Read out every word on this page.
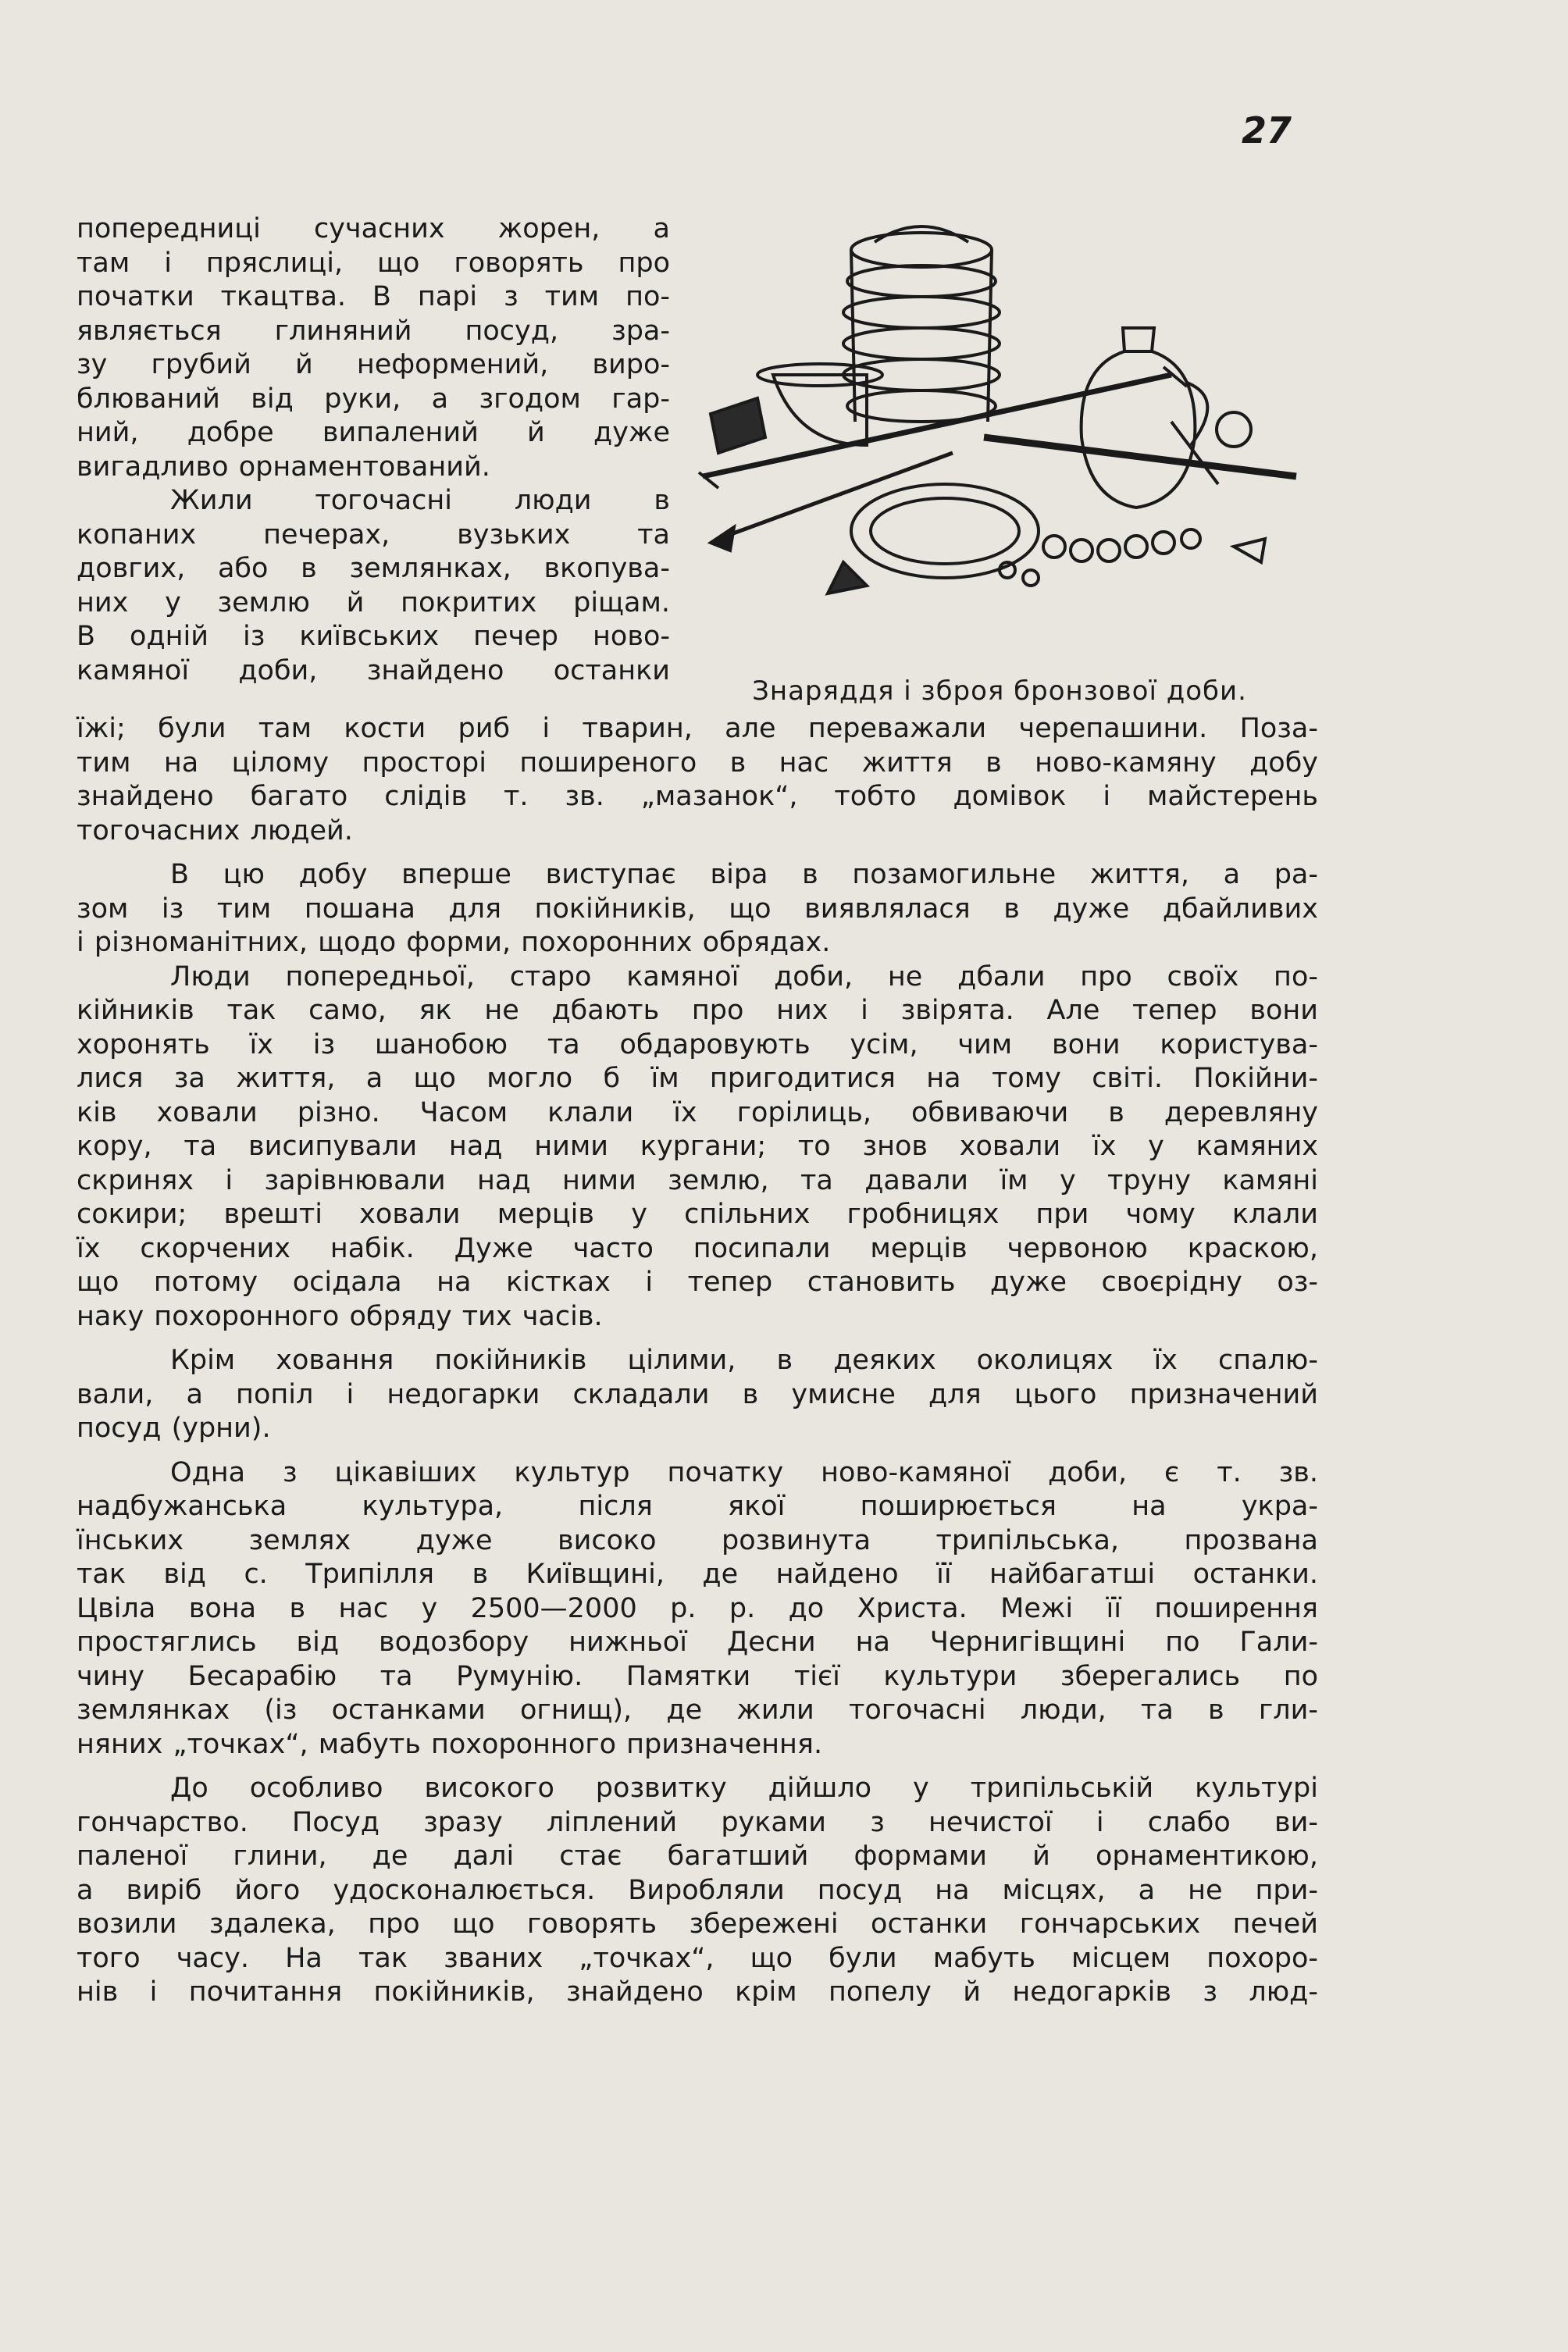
27
Знаряддя і зброя бронзової доби.
попередниці сучасних жорен, а
там і пряслиці, що говорять про
початки ткацтва. В парі з тим по-
являється глиняний посуд, зра-
зу грубий й неформений, виро-
блюваний від руки, а згодом гар-
ний, добре випалений й дуже
вигадливо орнаментований.
Жили тогочасні люди в
копаних печерах, вузьких та
довгих, або в землянках, вкопува-
них у землю й покритих ріщам.
В одній із київських печер ново-
камяної доби, знайдено останки
їжі; були там кости риб і тварин, але переважали черепашини. Поза-
тим на цілому просторі поширеного в нас життя в ново-камяну добу
знайдено багато слідів т. зв. „мазанок“, тобто домівок і майстерень
тогочасних людей.
В цю добу вперше виступає віра в позамогильне життя, а ра-
зом із тим пошана для покійників, що виявлялася в дуже дбайливих
і різноманітних, щодо форми, похоронних обрядах.
Люди попередньої, старо камяної доби, не дбали про своїх по-
кійників так само, як не дбають про них і звірята. Але тепер вони
хоронять їх із шанобою та обдаровують усім, чим вони користува-
лися за життя, а що могло б їм пригодитися на тому світі. Покійни-
ків ховали різно. Часом клали їх горілиць, обвиваючи в деревляну
кору, та висипували над ними кургани; то знов ховали їх у камяних
скринях і зарівнювали над ними землю, та давали їм у труну камяні
сокири; врешті ховали мерців у спільних гробницях при чому клали
їх скорчених набік. Дуже часто посипали мерців червоною краскою,
що потому осідала на кістках і тепер становить дуже своєрідну оз-
наку похоронного обряду тих часів.
Крім ховання покійників цілими, в деяких околицях їх спалю-
вали, а попіл і недогарки складали в умисне для цього призначений
посуд (урни).
Одна з цікавіших культур початку ново-камяної доби, є т. зв.
надбужанська культура, після якої поширюється на укра-
їнських землях дуже високо розвинута трипільська, прозвана
так від с. Трипілля в Київщині, де найдено її найбагатші останки.
Цвіла вона в нас у 2500—2000 р. р. до Христа. Межі її поширення
простяглись від водозбору нижньої Десни на Чернигівщині по Гали-
чину Бесарабію та Румунію. Памятки тієї культури зберегались по
землянках (із останками огнищ), де жили тогочасні люди, та в гли-
няних „точках“, мабуть похоронного призначення.
До особливо високого розвитку дійшло у трипільській культурі
гончарство. Посуд зразу ліплений руками з нечистої і слабо ви-
паленої глини, де далі стає багатший формами й орнаментикою,
а виріб його удосконалюється. Виробляли посуд на місцях, а не при-
возили здалека, про що говорять збережені останки гончарських печей
того часу. На так званих „точках“, що були мабуть місцем похоро-
нів і почитання покійників, знайдено крім попелу й недогарків з люд-
